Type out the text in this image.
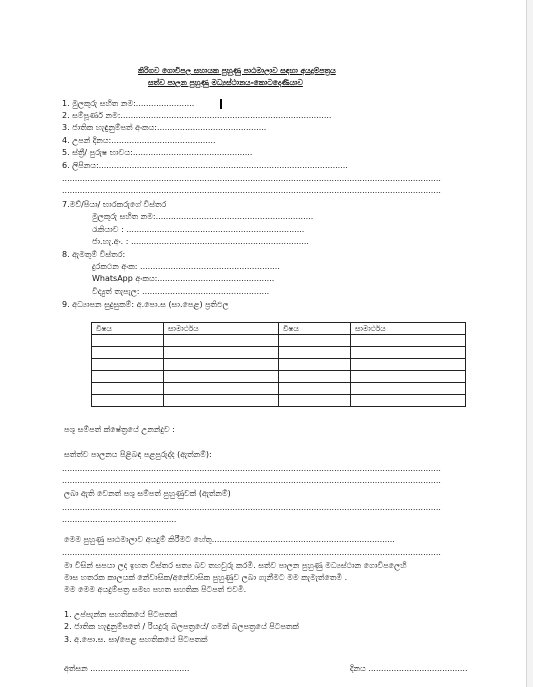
කිරිගව ගොවිපල සහායක පුහුණු පාඨමාලාව සඳහා අයදුම්පත්‍රය
සත්ව පාලන පුහුණු මධ්‍යස්ථානය-කොටදෙණියාව
1. මුලකුරු සහිත නම:.......................
2. සම්පූර්ණ නම:...................................................................................
3. ජාතික හැඳුනුම්පත් අංකය:...........................................
4. උපන් දිනය:.........................................
5. ස්ත්‍රී/ පුරුෂ භාවය:...............................................
6. ලිපිනය:..................................................................................................
.....................................................................................................................................................
.....................................................................................................................................................
7.මව්/පියා/ භාරකරුගේ විස්තර
මුලකුරු සහිත නම:..............................................................
රැකියාව : ......................................................................
ජා.හැ.අං. : ......................................................................
8. ඇමතුම් විස්තර:
දුරකථන අංක: .......................................................
WhatsApp අංකය:..............................................
විද්‍යුත් තැපැල: ..................................................
9. අධ්‍යාපන සුදුසුකම්: අ.පො.ස (සා.පෙළ) ප්‍රතිඵල
විෂය	සාමාර්ථය	විෂය	සාමාර්ථය

පශු සම්පත් ක්ෂේත්‍රයේ උනන්දුව :
සත්ත්ව පාලනය පිළිබඳ පළපුරුද්ද (ඇත්නම්):
.....................................................................................................................................................
.....................................................................................................................................................
ලබා ඇති වෙනත් පශු සම්පත් පුහුණුවක් (ඇත්නම්)
.....................................................................................................................................................
.............................................
මෙම පුහුණු පාඨමාලාව අයදුම් කිරීමට හේතු........................................................................
.....................................................................................................................................................
මා විසින් සපයා ලද ඉහත විස්තර සත්‍ය බව තහවුරු කරමි. සත්ව පාලන පුහුණු මධ්‍යස්ථාන ගොවිපලෙහි
මාස හතරක කාලයක් නේවාසික/අනේවාසික පුහුණුව ලබා ගැනීමට මම කැමැත්තෙමි .
මම මෙම අයදුම්පත්‍ර සමඟ පහත සහතික පිටපත් එවමි.
1. උප්පැන්න සහතිකයේ පිටපතක්
2. ජාතික හැඳුනුම්පතේ / රියදුරු බලපත්‍රයේ/ ගමන් බලපත්‍රයේ පිටපතක්
3. අ.පො.ස. සා/පෙළ සහතිකයේ පිටපතක්
අත්සන .......................................	දිනය .......................................
